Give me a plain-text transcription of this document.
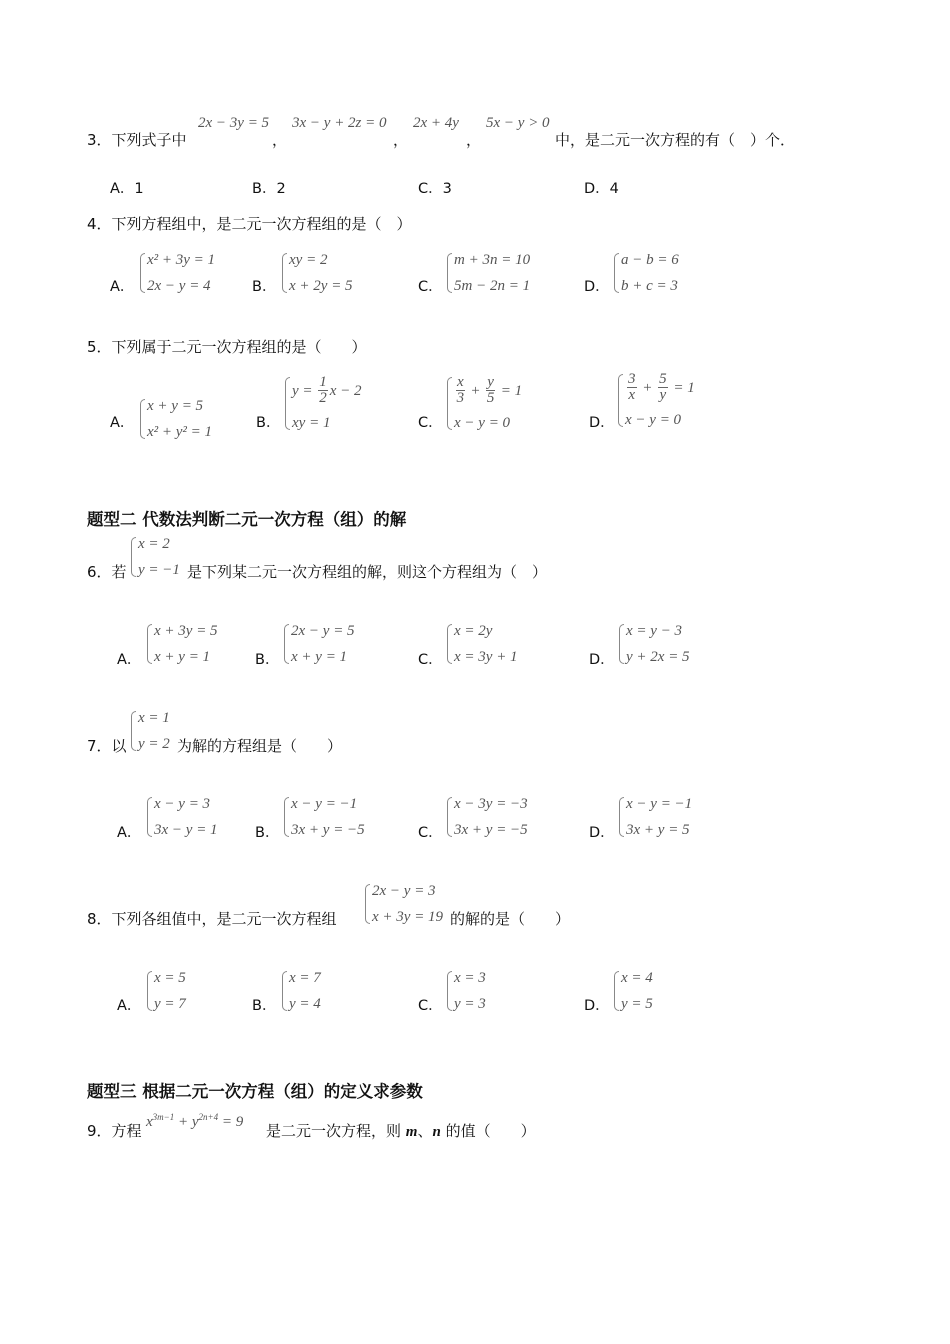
3．下列式子中
2x − 3y = 5
，
3x − y + 2z = 0
，
2x + 4y
，
5x − y > 0
中，是二元一次方程的有（　）个．
A．1	B．2	C．3	D．4
4．下列方程组中，是二元一次方程组的是（　）
A．
x² + 3y = 1
2x − y = 4	B．
xy = 2
x + 2y = 5	C．
m + 3n = 10
5m − 2n = 1	D．
a − b = 6
b + c = 3
5．下列属于二元一次方程组的是（　　）
A．
x + y = 5
x² + y² = 1
B．
$y = \frac{1}{2}$ x − 2
xy = 1	C．
$\frac{x}{3} + \frac{y}{5} = 1$
x − y = 0	D．
$\frac{3}{x} + \frac{5}{y} = 1$
x − y = 0
题型二 代数法判断二元一次方程（组）的解
6．若
x = 2
y = −1 是下列某二元一次方程组的解，则这个方程组为（　）
A．
x + 3y = 5
x + y = 1	B．
2x − y = 5
x + y = 1	C．
x = 2y
x = 3y + 1	D．
x = y − 3
y + 2x = 5
7．以
x = 1
y = 2 为解的方程组是（　　）
A．
x − y = 3
3x − y = 1	B．
x − y = −1
3x + y = −5	C．
x − 3y = −3
3x + y = −5	D．
x − y = −1
3x + y = 5
8．下列各组值中，是二元一次方程组
2x − y = 3
x + 3y = 19 的解的是（　　）
A．
x = 5
y = 7	B．
x = 7
y = 4	C．
x = 3
y = 3	D．
x = 4
y = 5
题型三 根据二元一次方程（组）的定义求参数
9．方程 $x^{3m-1} + y^{2n+4} = 9$ 是二元一次方程，则 m、n 的值（　　）
